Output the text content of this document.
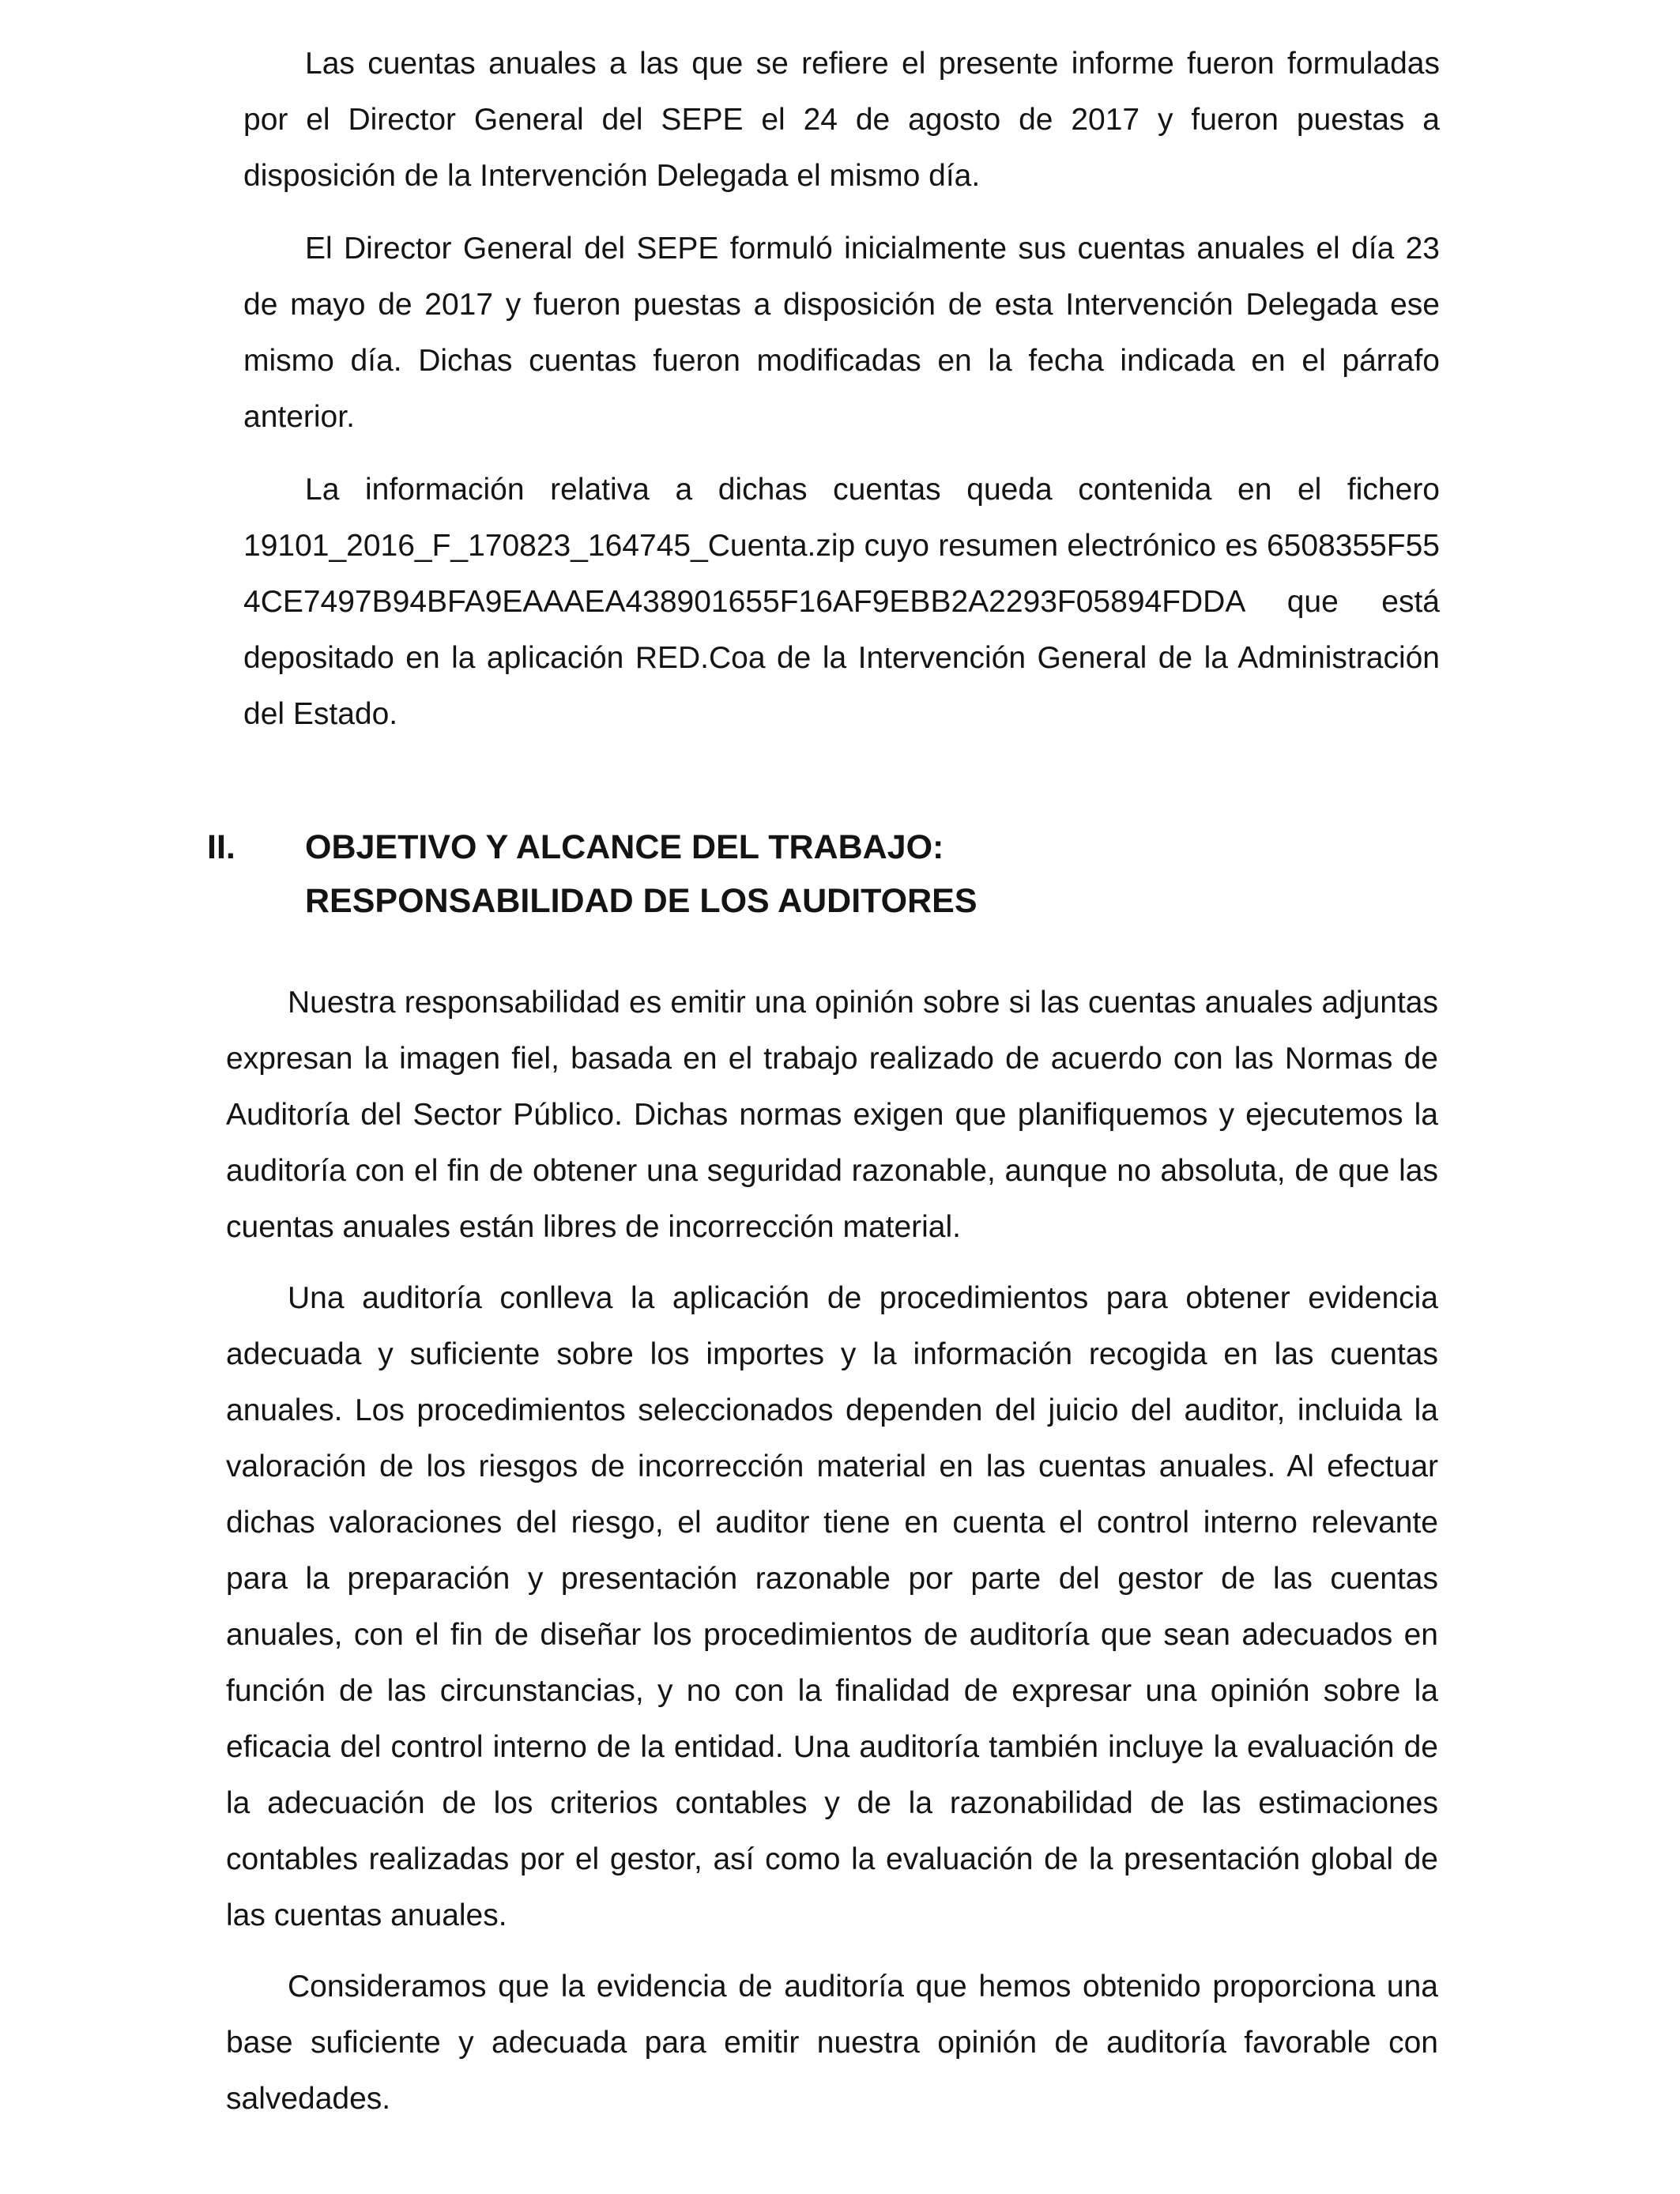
Las cuentas anuales a las que se refiere el presente informe fueron formuladas por el Director General del SEPE el 24 de agosto de 2017 y fueron puestas a disposición de la Intervención Delegada el mismo día.

El Director General del SEPE formuló inicialmente sus cuentas anuales el día 23 de mayo de 2017 y fueron puestas a disposición de esta Intervención Delegada ese mismo día. Dichas cuentas fueron modificadas en la fecha indicada en el párrafo anterior.

La información relativa a dichas cuentas queda contenida en el fichero 19101_2016_F_170823_164745_Cuenta.zip cuyo resumen electrónico es 6508355F554CE7497B94BFA9EAAAEA438901655F16AF9EBB2A2293F05894FDDA que está depositado en la aplicación RED.Coa de la Intervención General de la Administración del Estado.

II. OBJETIVO Y ALCANCE DEL TRABAJO:
RESPONSABILIDAD DE LOS AUDITORES

Nuestra responsabilidad es emitir una opinión sobre si las cuentas anuales adjuntas expresan la imagen fiel, basada en el trabajo realizado de acuerdo con las Normas de Auditoría del Sector Público. Dichas normas exigen que planifiquemos y ejecutemos la auditoría con el fin de obtener una seguridad razonable, aunque no absoluta, de que las cuentas anuales están libres de incorrección material.

Una auditoría conlleva la aplicación de procedimientos para obtener evidencia adecuada y suficiente sobre los importes y la información recogida en las cuentas anuales. Los procedimientos seleccionados dependen del juicio del auditor, incluida la valoración de los riesgos de incorrección material en las cuentas anuales. Al efectuar dichas valoraciones del riesgo, el auditor tiene en cuenta el control interno relevante para la preparación y presentación razonable por parte del gestor de las cuentas anuales, con el fin de diseñar los procedimientos de auditoría que sean adecuados en función de las circunstancias, y no con la finalidad de expresar una opinión sobre la eficacia del control interno de la entidad. Una auditoría también incluye la evaluación de la adecuación de los criterios contables y de la razonabilidad de las estimaciones contables realizadas por el gestor, así como la evaluación de la presentación global de las cuentas anuales.

Consideramos que la evidencia de auditoría que hemos obtenido proporciona una base suficiente y adecuada para emitir nuestra opinión de auditoría favorable con salvedades.
